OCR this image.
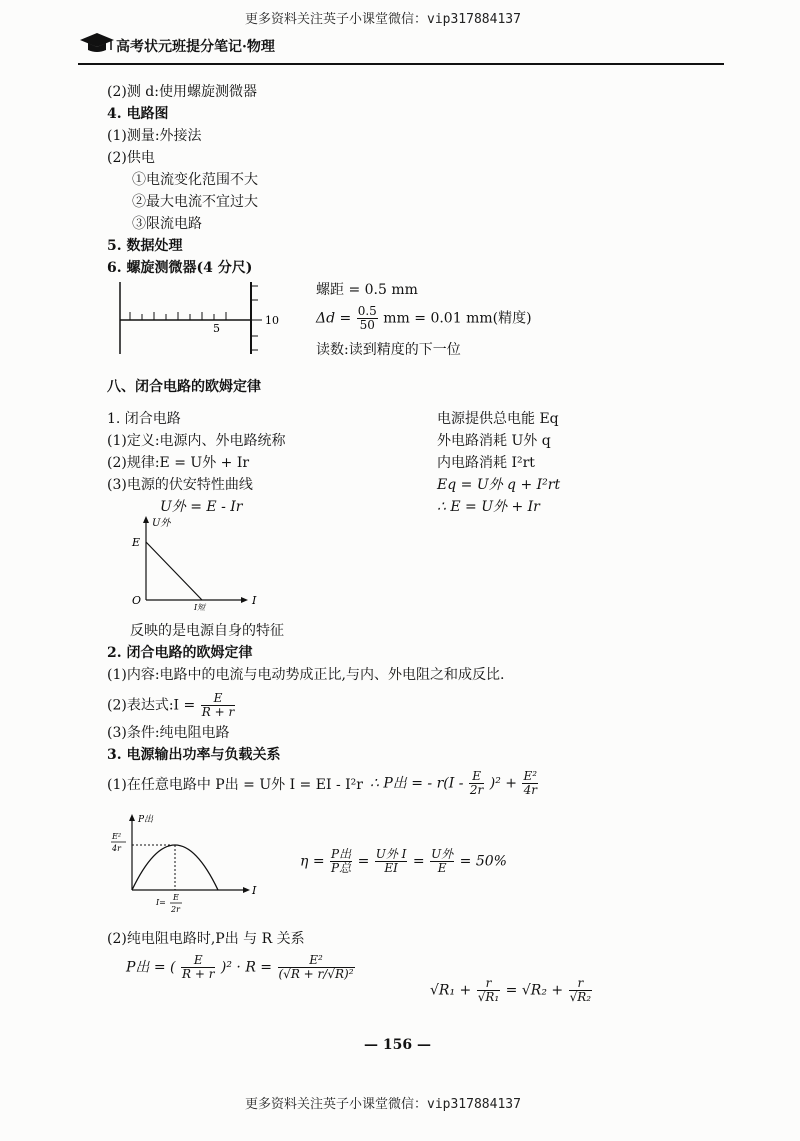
高考状元班提分笔记·物理
更多资料关注英子小课堂微信：vip317884137
(2)测 d:使用螺旋测微器
4. 电路图
(1)测量:外接法
(2)供电
①电流变化范围不大
②最大电流不宜过大
③限流电路
5. 数据处理
6. 螺旋测微器(4 分尺)
5
10
螺距 = 0.5 mm
$\Delta d = \frac{0.5}{50}$ mm = 0.01 mm(精度)
读数:读到精度的下一位
八、闭合电路的欧姆定律
1. 闭合电路
(1)定义:电源内、外电路统称
(2)规律:E = U外 + Ir
(3)电源的伏安特性曲线
U外 = E - Ir
电源提供总电能 Eq
外电路消耗 U外 q
内电路消耗 I²rt
Eq = U外 q + I²rt
∴ E = U外 + Ir
U外
E
O	I
I短
反映的是电源自身的特征
2. 闭合电路的欧姆定律
(1)内容:电路中的电流与电动势成正比,与内、外电阻之和成反比.
(2)表达式:I = $\frac{E}{R + r}$
(3)条件:纯电阻电路
3. 电源输出功率与负载关系
(1)在任意电路中 P出 = U外 I = EI - I²r ∴ P出 = - $r(I - \frac{E}{2r} )^2 + \frac{\text{E²}}{4r}$
P出
E²
4r
I
I=
E
2r
$\eta = \frac{\text{P出}}{\text{P总}} = \frac{\text{U外 I}}{EI} = \frac{\text{U外}}{E} = 50\%$
(2)纯电阻电路时,P出 与 R 关系
P出 = ( $\frac{E}{R + r} )^2 \cdot R = \frac{\text{E²}}{\text{(√R + r/√R)²}}$
$√R_1 + \frac{r}{\text{√R₁}} = √R_2 + \frac{r}{\text{√R₂}}$
— 156 —
更多资料关注英子小课堂微信：vip317884137
